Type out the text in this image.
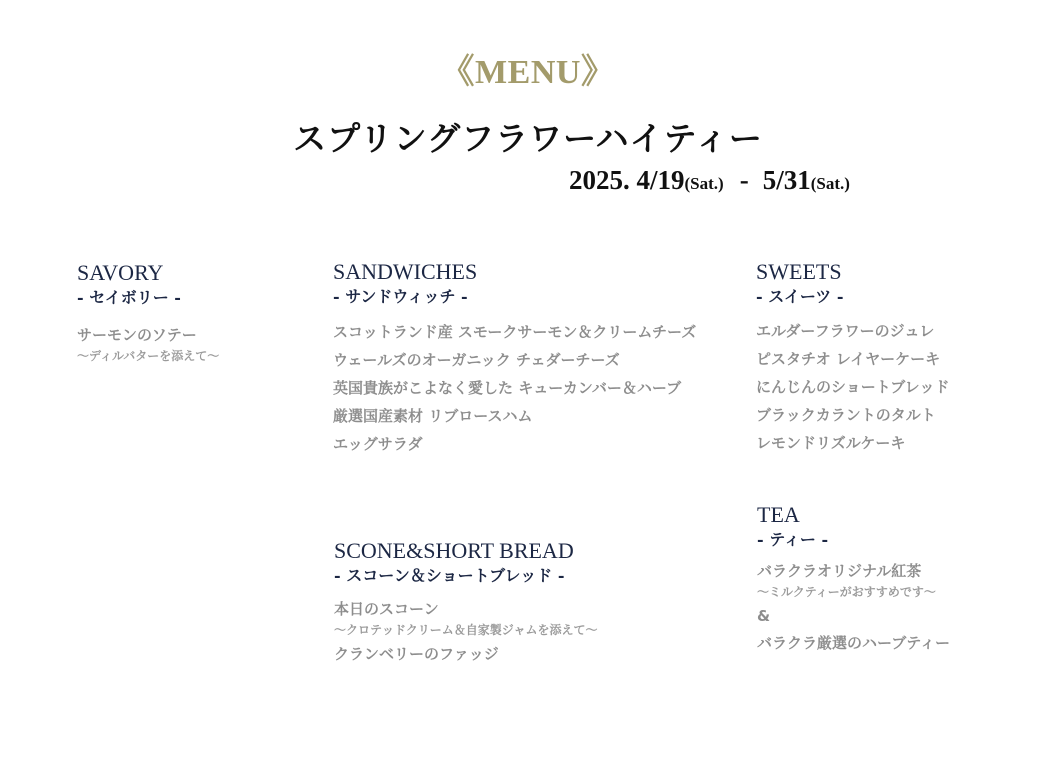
《MENU》
スプリングフラワーハイティー
2025. 4/19(Sat.) - 5/31(Sat.)
SAVORY
- セイボリー -
サーモンのソテー
～ディルバターを添えて～
SANDWICHES
- サンドウィッチ -
スコットランド産 スモークサーモン＆クリームチーズ
ウェールズのオーガニック チェダーチーズ
英国貴族がこよなく愛した キューカンバー＆ハーブ
厳選国産素材 リブロースハム
エッグサラダ
SWEETS
- スイーツ -
エルダーフラワーのジュレ
ピスタチオ レイヤーケーキ
にんじんのショートブレッド
ブラックカラントのタルト
レモンドリズルケーキ
SCONE&SHORT BREAD
- スコーン＆ショートブレッド -
本日のスコーン
～クロテッドクリーム＆自家製ジャムを添えて～
クランベリーのファッジ
TEA
- ティー -
バラクラオリジナル紅茶
～ミルクティーがおすすめです～
&
バラクラ厳選のハーブティー
